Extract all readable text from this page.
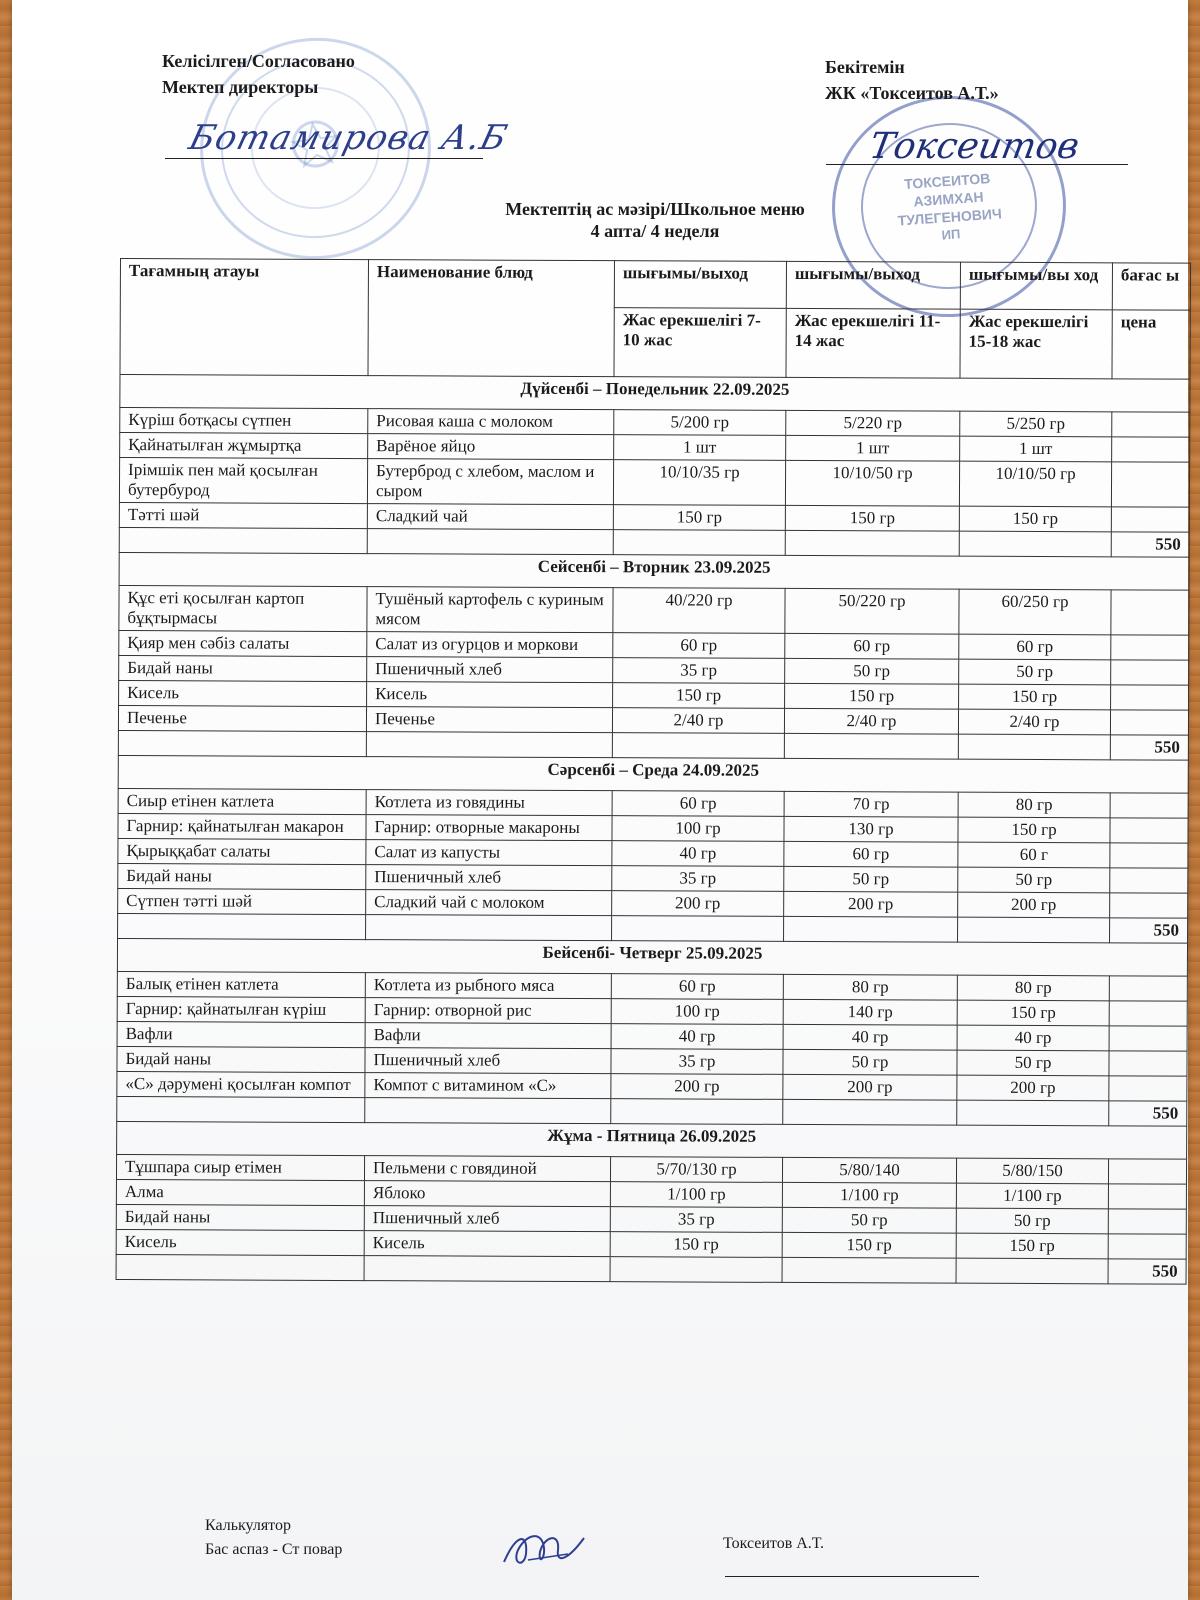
Келісілген/Согласовано
Мектеп директоры
Ботамирова А.Б
ТОКСЕИТОВ
АЗИМХАН
ТУЛЕГЕНОВИЧ
ИП
Бекітемін
ЖК «Токсеитов А.Т.»
Токсеитов
Мектептің ас мәзірі/Школьное меню
4 апта/ 4 неделя
Тағамның атауы	Наименование блюд	шығымы/выход	шығымы/выход	шығымы/вы ход	бағас ы
		Жас ерекшелігі 7-10 жас	Жас ерекшелігі 11-14 жас	Жас ерекшелігі 15-18 жас	цена
Дүйсенбі – Понедельник 22.09.2025					
Күріш ботқасы сүтпен	Рисовая каша с молоком	5/200 гр	5/220 гр	5/250 гр	
Қайнатылған жұмыртқа	Варёное яйцо	1 шт	1 шт	1 шт	
Ірімшік пен май қосылған бутербурод	Бутерброд с хлебом, маслом и сыром	10/10/35 гр	10/10/50 гр	10/10/50 гр	
Тәтті шәй	Сладкий чай	150 гр	150 гр	150 гр	
					550
Сейсенбі – Вторник 23.09.2025					
Құс еті қосылған картоп бұқтырмасы	Тушёный картофель с куриным мясом	40/220 гр	50/220 гр	60/250 гр	
Қияр мен сәбіз салаты	Салат из огурцов и моркови	60 гр	60 гр	60 гр	
Бидай наны	Пшеничный хлеб	35 гр	50 гр	50 гр	
Кисель	Кисель	150 гр	150 гр	150 гр	
Печенье	Печенье	2/40 гр	2/40 гр	2/40 гр	
					550
Сәрсенбі – Среда 24.09.2025					
Сиыр етінен катлета	Котлета из говядины	60 гр	70 гр	80 гр	
Гарнир: қайнатылған макарон	Гарнир: отворные макароны	100 гр	130 гр	150 гр	
Қырыққабат салаты	Салат из капусты	40 гр	60 гр	60 г	
Бидай наны	Пшеничный хлеб	35 гр	50 гр	50 гр	
Сүтпен тәтті шәй	Сладкий чай с молоком	200 гр	200 гр	200 гр	
					550
Бейсенбі- Четверг 25.09.2025					
Балық етінен катлета	Котлета из рыбного мяса	60 гр	80 гр	80 гр	
Гарнир: қайнатылған күріш	Гарнир: отворной рис	100 гр	140 гр	150 гр	
Вафли	Вафли	40 гр	40 гр	40 гр	
Бидай наны	Пшеничный хлеб	35 гр	50 гр	50 гр	
«С» дәрумені қосылған компот	Компот с витамином «С»	200 гр	200 гр	200 гр	
					550
Жұма - Пятница 26.09.2025					
Тұшпара сиыр етімен	Пельмени с говядиной	5/70/130 гр	5/80/140	5/80/150	
Алма	Яблоко	1/100 гр	1/100 гр	1/100 гр	
Бидай наны	Пшеничный хлеб	35 гр	50 гр	50 гр	
Кисель	Кисель	150 гр	150 гр	150 гр	
					550
Калькулятор
Бас аспаз - Ст повар	Токсеитов А.Т.
